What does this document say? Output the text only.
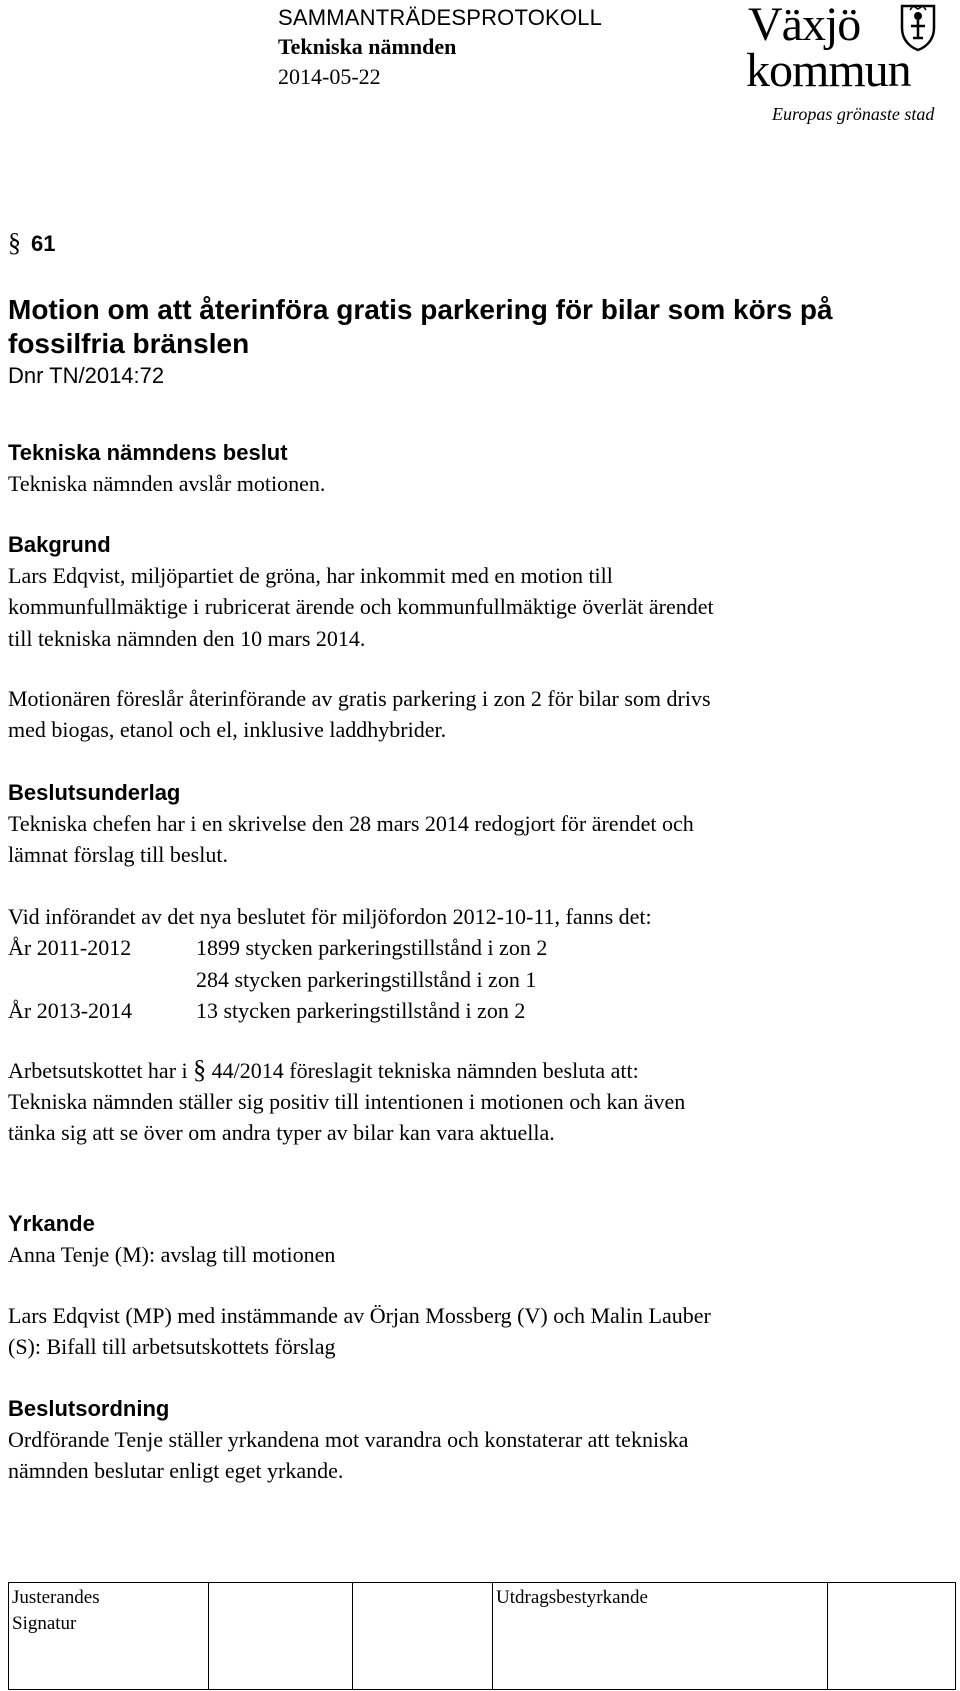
SAMMANTRÄDESPROTOKOLL
Tekniska nämnden
2014-05-22
Växjö
kommun
Europas grönaste stad
§ 61
Motion om att återinföra gratis parkering för bilar som körs på fossilfria bränslen
Dnr TN/2014:72
Tekniska nämndens beslut

Tekniska nämnden avslår motionen.

Bakgrund

Lars Edqvist, miljöpartiet de gröna, har inkommit med en motion till

kommunfullmäktige i rubricerat ärende och kommunfullmäktige överlät ärendet

till tekniska nämnden den 10 mars 2014.

Motionären föreslår återinförande av gratis parkering i zon 2 för bilar som drivs

med biogas, etanol och el, inklusive laddhybrider.

Beslutsunderlag

Tekniska chefen har i en skrivelse den 28 mars 2014 redogjort för ärendet och

lämnat förslag till beslut.

Vid införandet av det nya beslutet för miljöfordon 2012-10-11, fanns det:

År 2011-2012	1899 stycken parkeringstillstånd i zon 2
284 stycken parkeringstillstånd i zon 1
År 2013-2014	13 stycken parkeringstillstånd i zon 2

Arbetsutskottet har i § 44/2014 föreslagit tekniska nämnden besluta att:

Tekniska nämnden ställer sig positiv till intentionen i motionen och kan även

tänka sig att se över om andra typer av bilar kan vara aktuella.

Yrkande

Anna Tenje (M): avslag till motionen

Lars Edqvist (MP) med instämmande av Örjan Mossberg (V) och Malin Lauber

(S): Bifall till arbetsutskottets förslag

Beslutsordning

Ordförande Tenje ställer yrkandena mot varandra och konstaterar att tekniska

nämnden beslutar enligt eget yrkande.

Justerandes
Signatur

Utdragsbestyrkande
